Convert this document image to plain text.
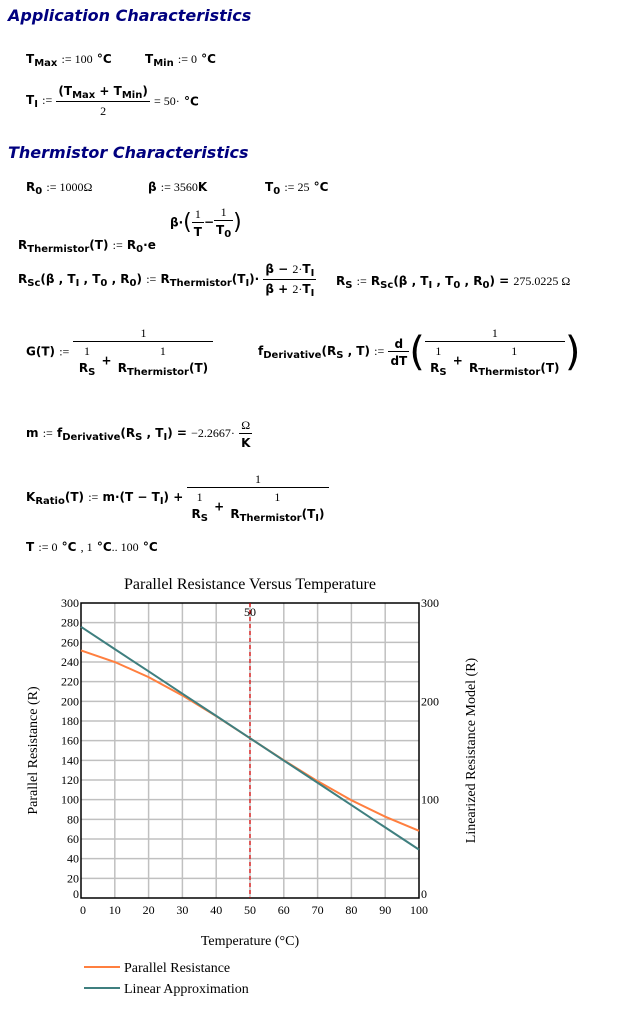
Application Characteristics
$T_{Max}$ := 100 °C	$T_{Min}$ := 0 °C
$T_I$ := $\frac{(T_{Max} + T_{Min})}{2} = 50\cdot ^\circ C$
Thermistor Characteristics
$R_0$ := 1000Ω	β := 3560K	$T_0$ := 25 °C
$\beta\cdot( \frac{1}{T} - \frac{1}{T_0}$ )
$R_{Thermistor}(T)$ := $R_0\cdot e$
$R_{Sc}(\beta$ , $T_I$ , $T_0$ , $R_0$) := $R_{Thermistor}(T_I)\cdot \frac{\beta - 2\cdot T_I}{\beta + 2\cdot T_I} R_S$ := $R_{Sc}(\beta$ , $T_I$ , $T_0$ , $R_0) = 275.0225$ Ω
G(T) := 1
1
$R_S$
+
1
$R_{Thermistor}(T)$	$f_{Derivative}(R_S$ , T) := $\frac{d}{dT}$ ( 1
1
$R_S$
+
1
$R_{Thermistor}(T)$ )
m := $f_{Derivative}(R_S$ , $T_I) = -2.2667\cdot \frac{\Omega}{K}$
$K_{Ratio}(T)$ := $m\cdot(T - T_I) + 1$
1
$R_S$
+
1
$R_{Thermistor}(T_I)$
T := 0 °C , 1 °C.. 100 °C
Parallel Resistance Versus Temperature
50
0 10 20 30 40 50 60 70 80 90 100
0
20
40
60
80
100
120
140
160
180
200
220
240
260
280
300
0
100
200
300
Temperature (°C)
Parallel Resistance (R)	Linearized Resistance Model (R)
Parallel Resistance
Linear Approximation
